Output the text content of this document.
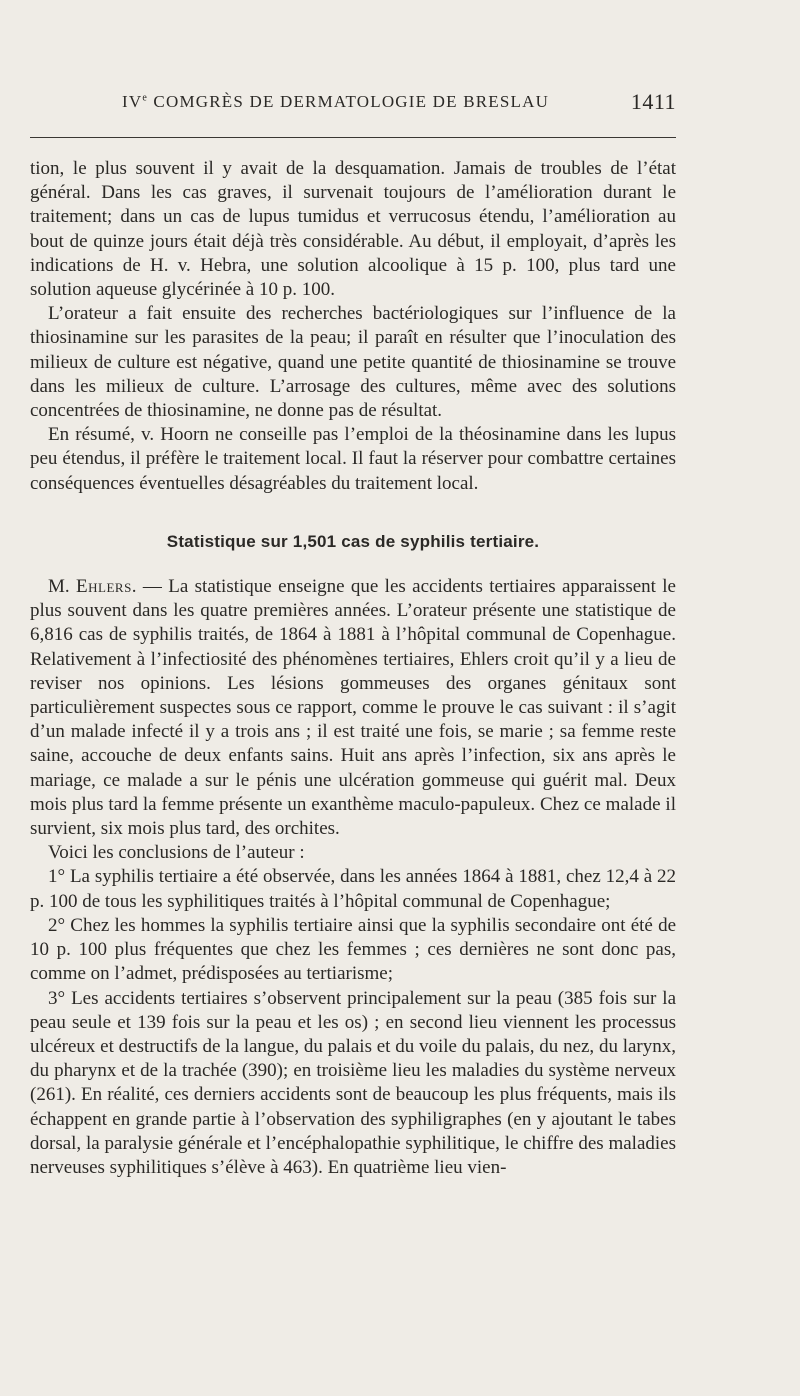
IVe COMGRÈS DE DERMATOLOGIE DE BRESLAU	1411

tion, le plus souvent il y avait de la desquamation. Jamais de troubles de l’état général. Dans les cas graves, il survenait toujours de l’amélioration durant le traitement; dans un cas de lupus tumidus et verrucosus étendu, l’amélioration au bout de quinze jours était déjà très considérable. Au début, il employait, d’après les indications de H. v. Hebra, une solution alcoolique à 15 p. 100, plus tard une solution aqueuse glycérinée à 10 p. 100.

L’orateur a fait ensuite des recherches bactériologiques sur l’influence de la thiosinamine sur les parasites de la peau; il paraît en résulter que l’inoculation des milieux de culture est négative, quand une petite quantité de thiosinamine se trouve dans les milieux de culture. L’arrosage des cultures, même avec des solutions concentrées de thiosinamine, ne donne pas de résultat.

En résumé, v. Hoorn ne conseille pas l’emploi de la théosinamine dans les lupus peu étendus, il préfère le traitement local. Il faut la réserver pour combattre certaines conséquences éventuelles désagréables du traitement local.

Statistique sur 1,501 cas de syphilis tertiaire.

M. Ehlers. — La statistique enseigne que les accidents tertiaires apparaissent le plus souvent dans les quatre premières années. L’orateur présente une statistique de 6,816 cas de syphilis traités, de 1864 à 1881 à l’hôpital communal de Copenhague. Relativement à l’infectiosité des phénomènes tertiaires, Ehlers croit qu’il y a lieu de reviser nos opinions. Les lésions gommeuses des organes génitaux sont particulièrement suspectes sous ce rapport, comme le prouve le cas suivant : il s’agit d’un malade infecté il y a trois ans ; il est traité une fois, se marie ; sa femme reste saine, accouche de deux enfants sains. Huit ans après l’infection, six ans après le mariage, ce malade a sur le pénis une ulcération gommeuse qui guérit mal. Deux mois plus tard la femme présente un exanthème maculo-papuleux. Chez ce malade il survient, six mois plus tard, des orchites.

Voici les conclusions de l’auteur :

1° La syphilis tertiaire a été observée, dans les années 1864 à 1881, chez 12,4 à 22 p. 100 de tous les syphilitiques traités à l’hôpital communal de Copenhague;

2° Chez les hommes la syphilis tertiaire ainsi que la syphilis secondaire ont été de 10 p. 100 plus fréquentes que chez les femmes ; ces dernières ne sont donc pas, comme on l’admet, prédisposées au tertiarisme;

3° Les accidents tertiaires s’observent principalement sur la peau (385 fois sur la peau seule et 139 fois sur la peau et les os) ; en second lieu viennent les processus ulcéreux et destructifs de la langue, du palais et du voile du palais, du nez, du larynx, du pharynx et de la trachée (390); en troisième lieu les maladies du système nerveux (261). En réalité, ces derniers accidents sont de beaucoup les plus fréquents, mais ils échappent en grande partie à l’observation des syphiligraphes (en y ajoutant le tabes dorsal, la paralysie générale et l’encéphalopathie syphilitique, le chiffre des maladies nerveuses syphilitiques s’élève à 463). En quatrième lieu vien-
